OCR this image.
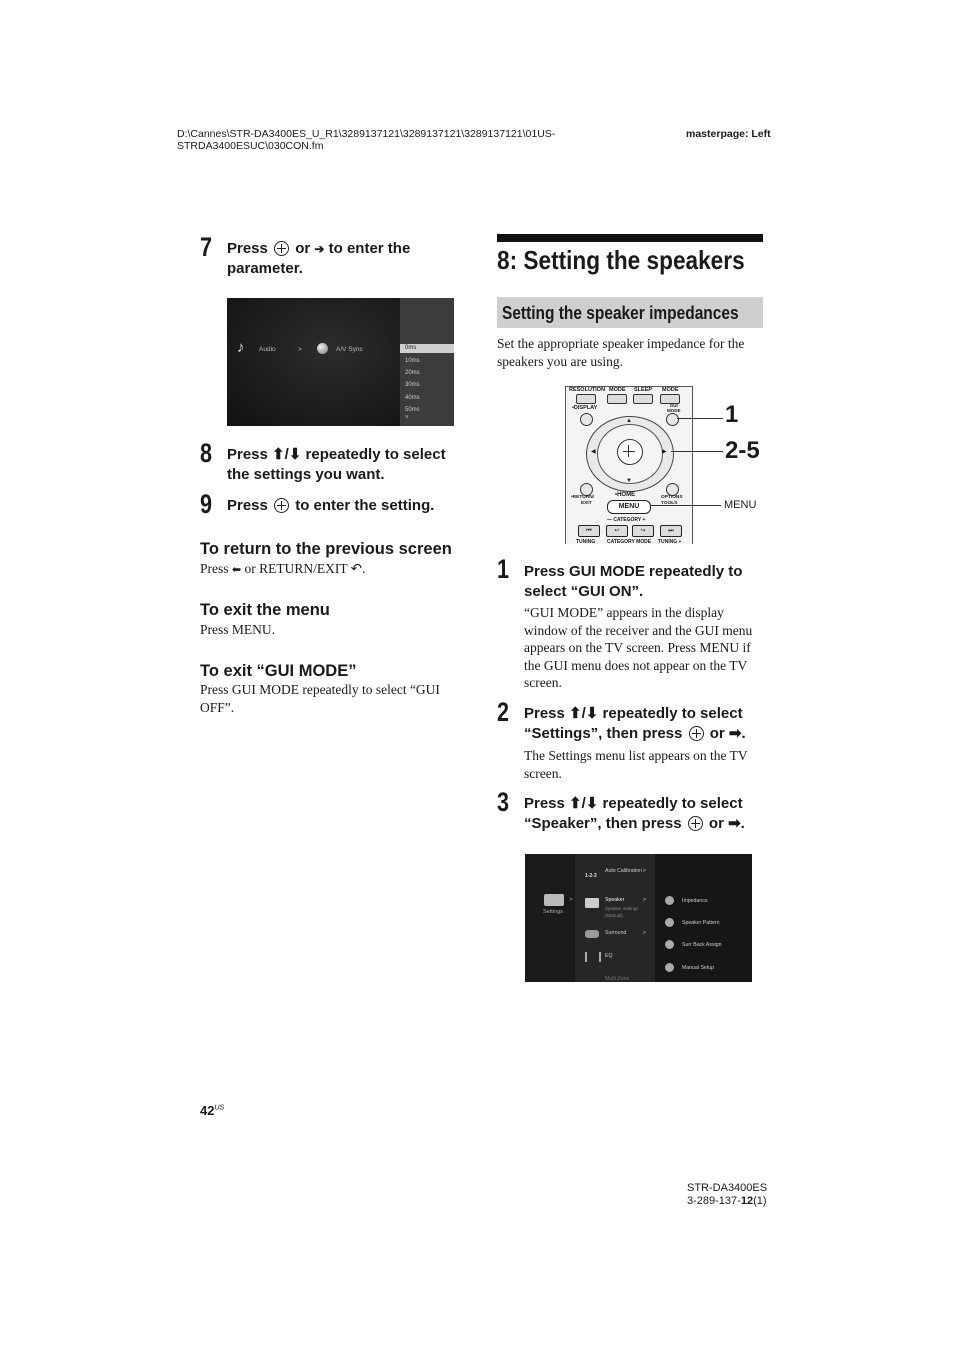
D:\Cannes\STR-DA3400ES_U_R1\3289137121\3289137121\3289137121\01US-
STRDA3400ESUC\030CON.fm
masterpage: Left
7 Press or ➔ to enter the
parameter.
♪ Audio	>	A/V Sync	0ms
10ms
20ms
30ms
40ms
50ms
˅
8 Press ⬆/⬇ repeatedly to select
the settings you want.
9 Press to enter the setting.
To return to the previous screen
Press ⬅ or RETURN/EXIT ↶.
To exit the menu
Press MENU.
To exit “GUI MODE”
Press GUI MODE repeatedly to select “GUI
OFF”.
8: Setting the speakers
Setting the speaker impedances
Set the appropriate speaker impedance for the
speakers you are using.
RESOLUTION MODE SLEEP MODE
•DISPLAY	GUI
MODE
▲
▼
◀	▶
•RETURN/
EXIT
•HOME	OPTIONS
TOOLS
MENU
— CATEGORY +
⏮	↩	↪	⏭
TUNING CATEGORY MODE TUNING +
1
2-5
MENU
1 Press GUI MODE repeatedly to
select “GUI ON”.
“GUI MODE” appears in the display
window of the receiver and the GUI menu
appears on the TV screen. Press MENU if
the GUI menu does not appear on the TV
screen.
2 Press ⬆/⬇ repeatedly to select
“Settings”, then press or ➡.
The Settings menu list appears on the TV
screen.
3 Press ⬆/⬇ repeatedly to select
“Speaker”, then press or ➡.
Settings
>
1-2-3
Auto Calibration >
Speaker
Speaker settings
(Manual)
>
Surround	>
EQ
Multi Zone
Impedance
Speaker Pattern
Surr Back Assign
Manual Setup
$42^{US}$
STR-DA3400ES
3-289-137-12(1)
